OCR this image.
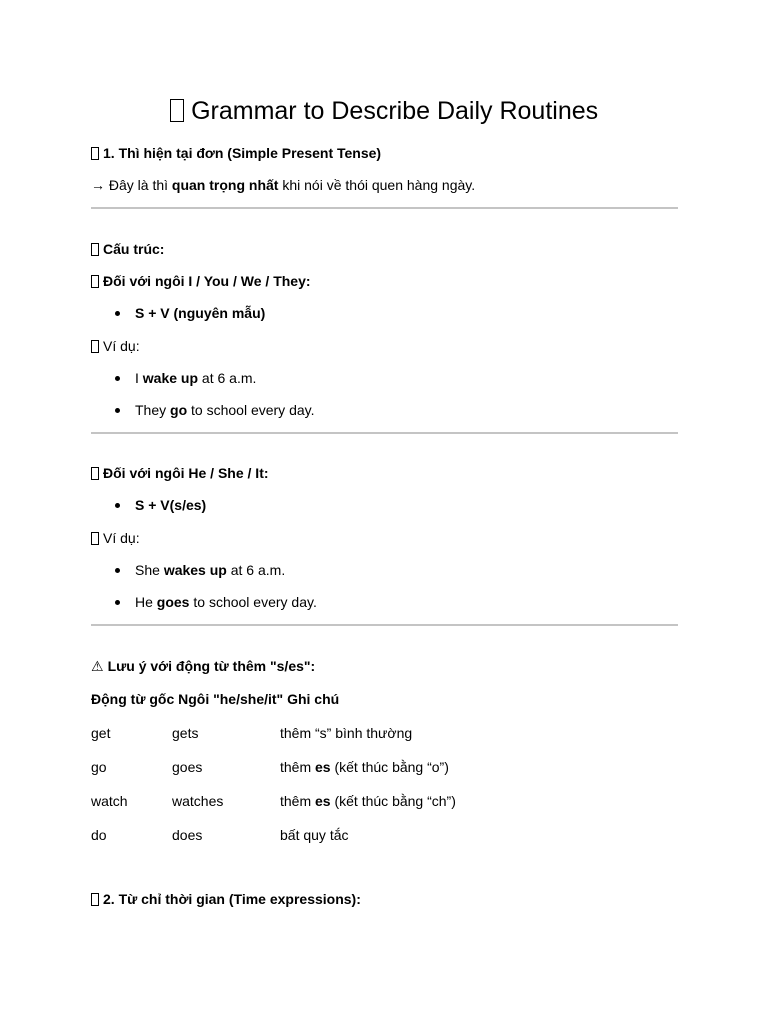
Grammar to Describe Daily Routines
1. Thì hiện tại đơn (Simple Present Tense)
→ Đây là thì quan trọng nhất khi nói về thói quen hàng ngày.
Cấu trúc:
Đối với ngôi I / You / We / They:
S + V (nguyên mẫu)
Ví dụ:
I wake up at 6 a.m.
They go to school every day.
Đối với ngôi He / She / It:
S + V(s/es)
Ví dụ:
She wakes up at 6 a.m.
He goes to school every day.
⚠ Lưu ý với động từ thêm "s/es":
Động từ gốc Ngôi "he/she/it" Ghi chú
get	gets	thêm “s” bình thường
go	goes	thêm es (kết thúc bằng “o”)
watch	watches	thêm es (kết thúc bằng “ch”)
do	does	bất quy tắc
2. Từ chỉ thời gian (Time expressions):
